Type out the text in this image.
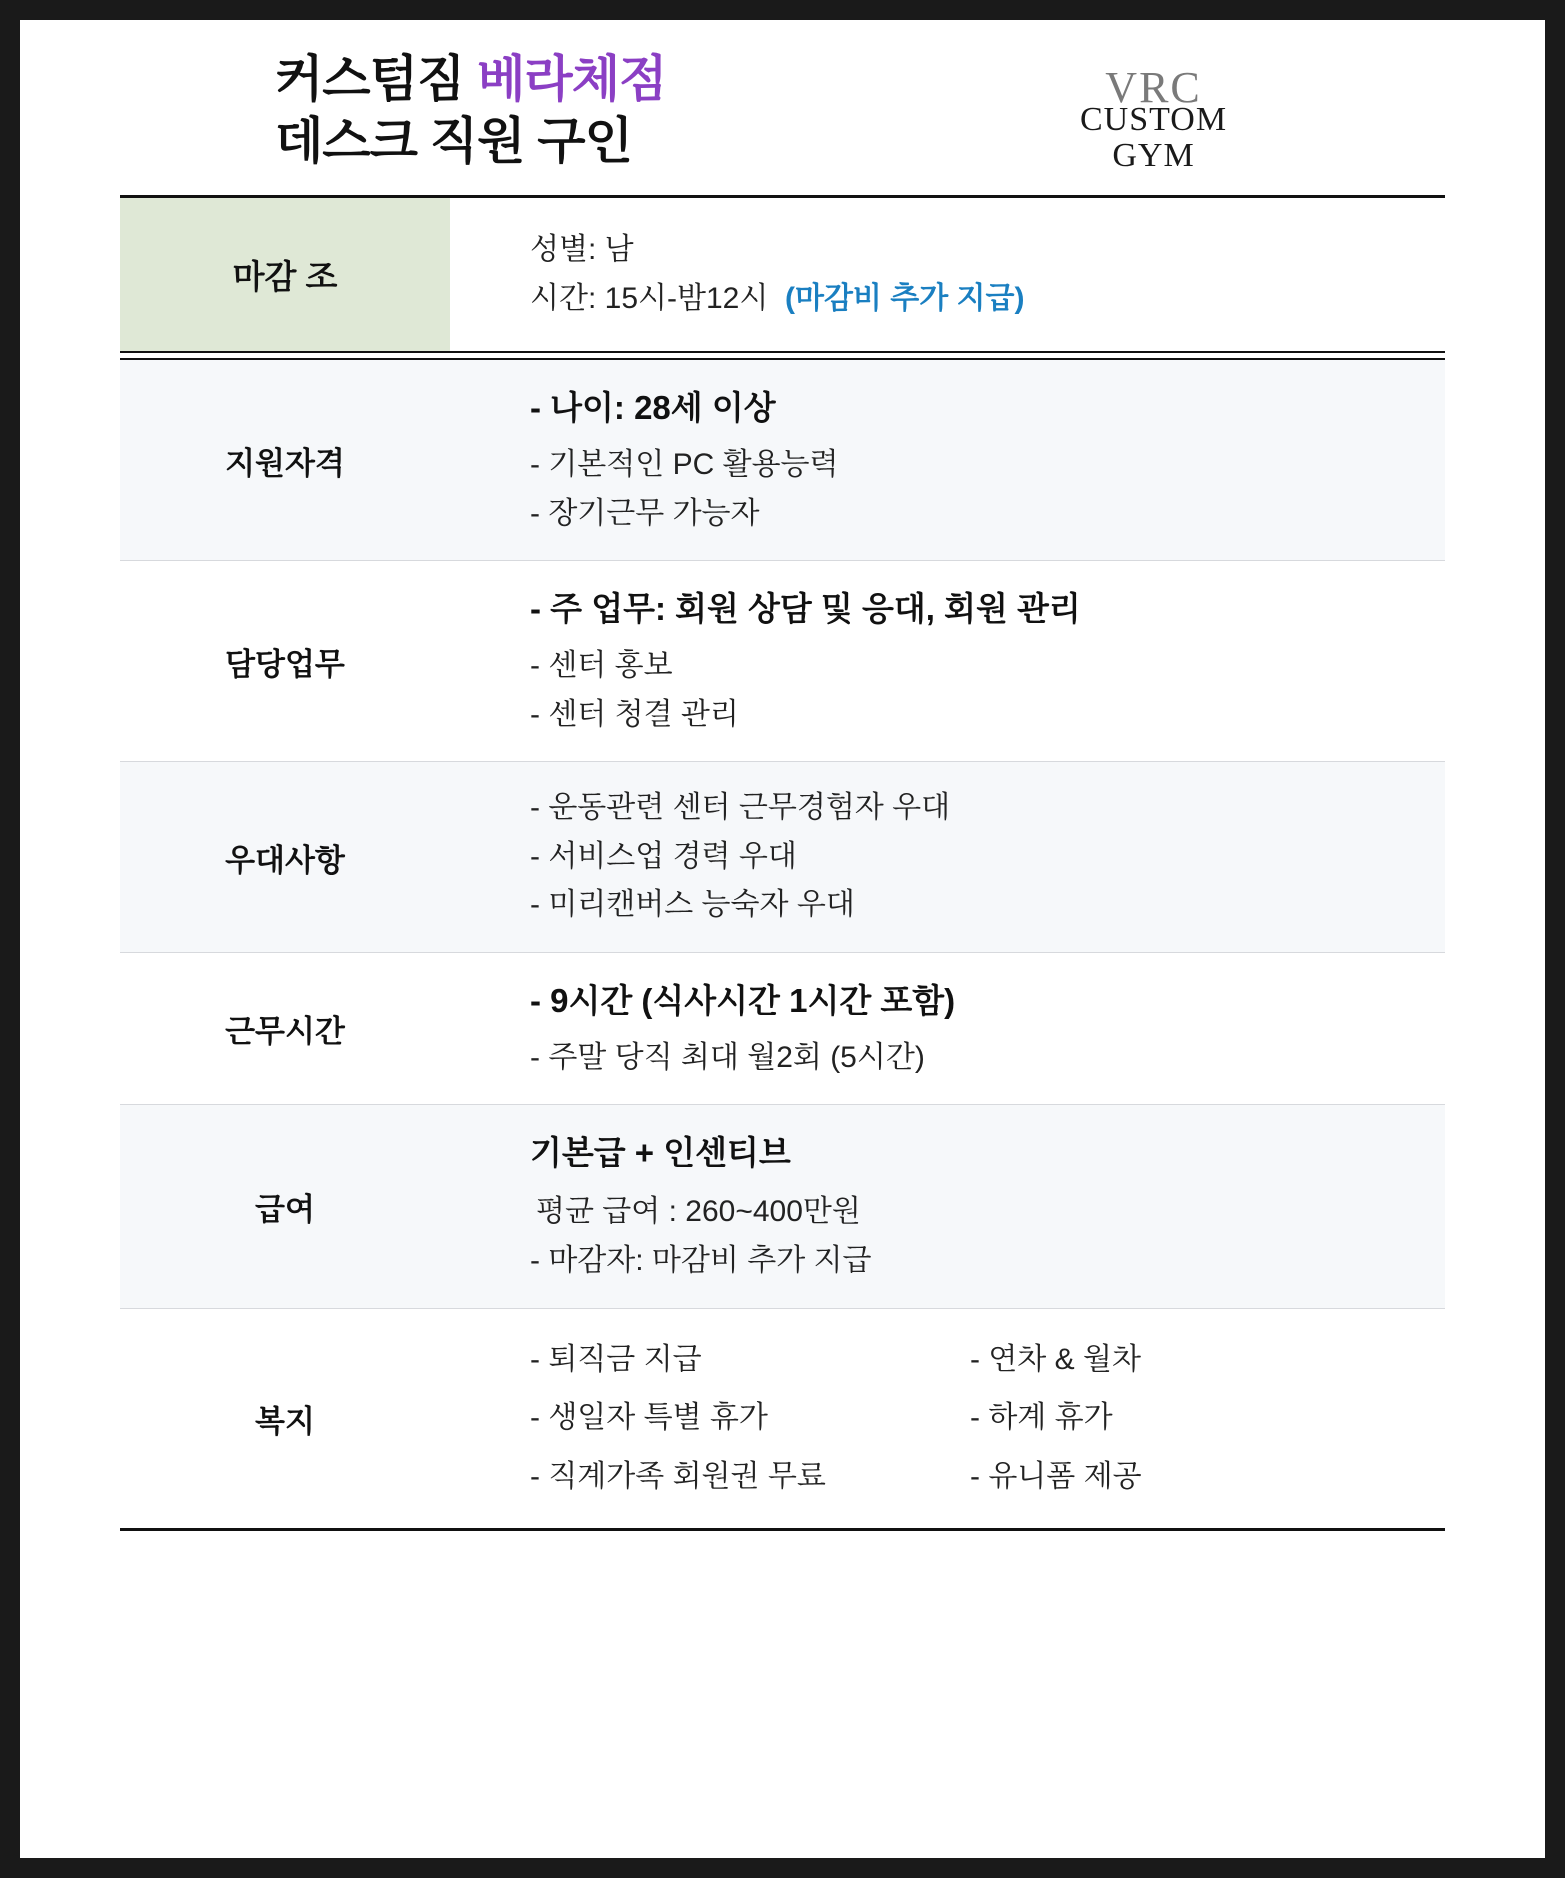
커스텀짐 베라체점
데스크 직원 구인
VRC
CUSTOM
GYM
마감 조
성별: 남
시간: 15시-밤12시 (마감비 추가 지급)
지원자격
- 나이: 28세 이상
- 기본적인 PC 활용능력
- 장기근무 가능자
담당업무
- 주 업무: 회원 상담 및 응대, 회원 관리
- 센터 홍보
- 센터 청결 관리
우대사항
- 운동관련 센터 근무경험자 우대
- 서비스업 경력 우대
- 미리캔버스 능숙자 우대
근무시간
- 9시간 (식사시간 1시간 포함)
- 주말 당직 최대 월2회 (5시간)
급여
기본급 + 인센티브
평균 급여 : 260~400만원
- 마감자: 마감비 추가 지급
복지
- 퇴직금 지급
- 생일자 특별 휴가
- 직계가족 회원권 무료
- 연차 & 월차
- 하계 휴가
- 유니폼 제공
